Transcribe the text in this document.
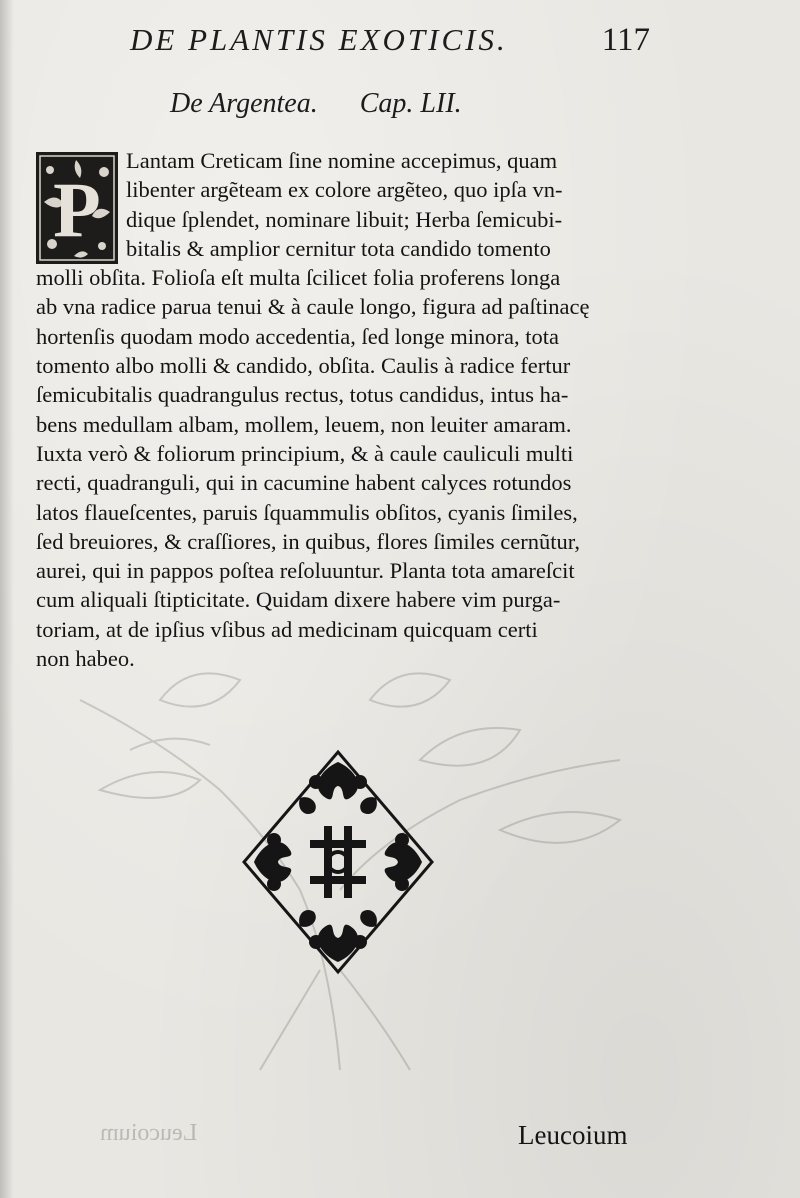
DE PLANTIS EXOTICIS.	117
De Argentea. Cap. LII.
P
Lantam Creticam ſine nomine accepimus, quam
libenter argẽteam ex colore argẽteo, quo ipſa vn-
dique ſplendet, nominare libuit; Herba ſemicubi-
bitalis & amplior cernitur tota candido tomento
molli obſita. Folioſa eſt multa ſcilicet folia proferens longa
ab vna radice parua tenui & à caule longo, figura ad paſtinacę
hortenſis quodam modo accedentia, ſed longe minora, tota
tomento albo molli & candido, obſita. Caulis à radice fertur
ſemicubitalis quadrangulus rectus, totus candidus, intus ha-
bens medullam albam, mollem, leuem, non leuiter amaram.
Iuxta verò & foliorum principium, & à caule cauliculi multi
recti, quadranguli, qui in cacumine habent calyces rotundos
latos flaueſcentes, paruis ſquammulis obſitos, cyanis ſimiles,
ſed breuiores, & craſſiores, in quibus, flores ſimiles cernũtur,
aurei, qui in pappos poſtea reſoluuntur. Planta tota amareſcit
cum aliquali ſtipticitate. Quidam dixere habere vim purga-
toriam, at de ipſius vſibus ad medicinam quicquam certi
non habeo.
Leucoium	Leucoium
